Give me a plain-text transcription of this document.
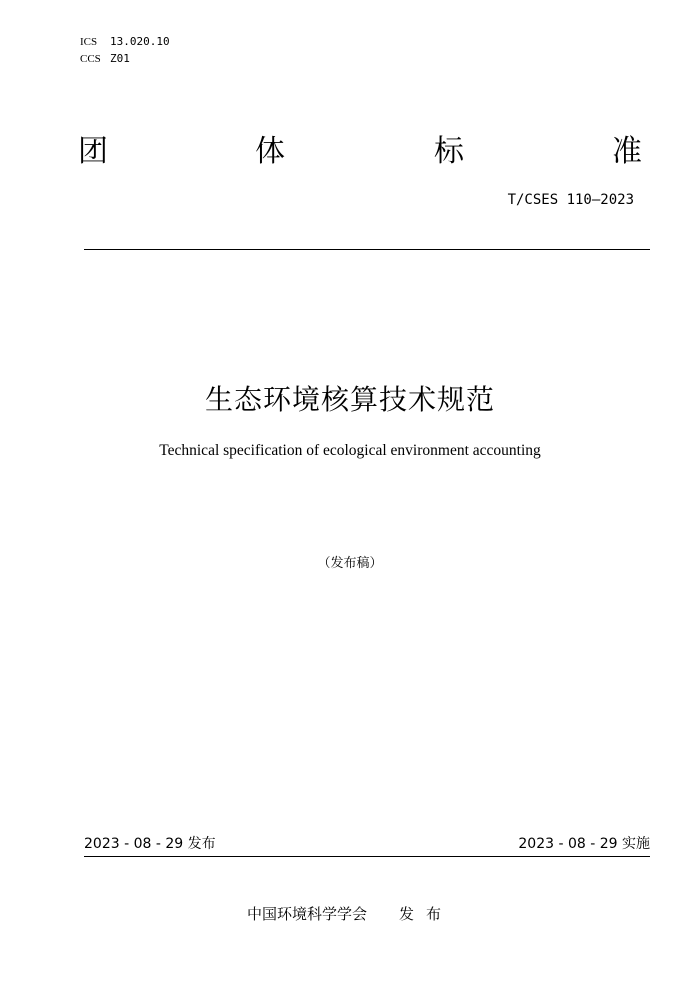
ICS 13.020.10
CCS Z01
团	体	标	准
T/CSES 110—2023
生态环境核算技术规范
Technical specification of ecological environment accounting
（发布稿）
2023 - 08 - 29 发布	2023 - 08 - 29 实施
中国环境科学学会 发布
